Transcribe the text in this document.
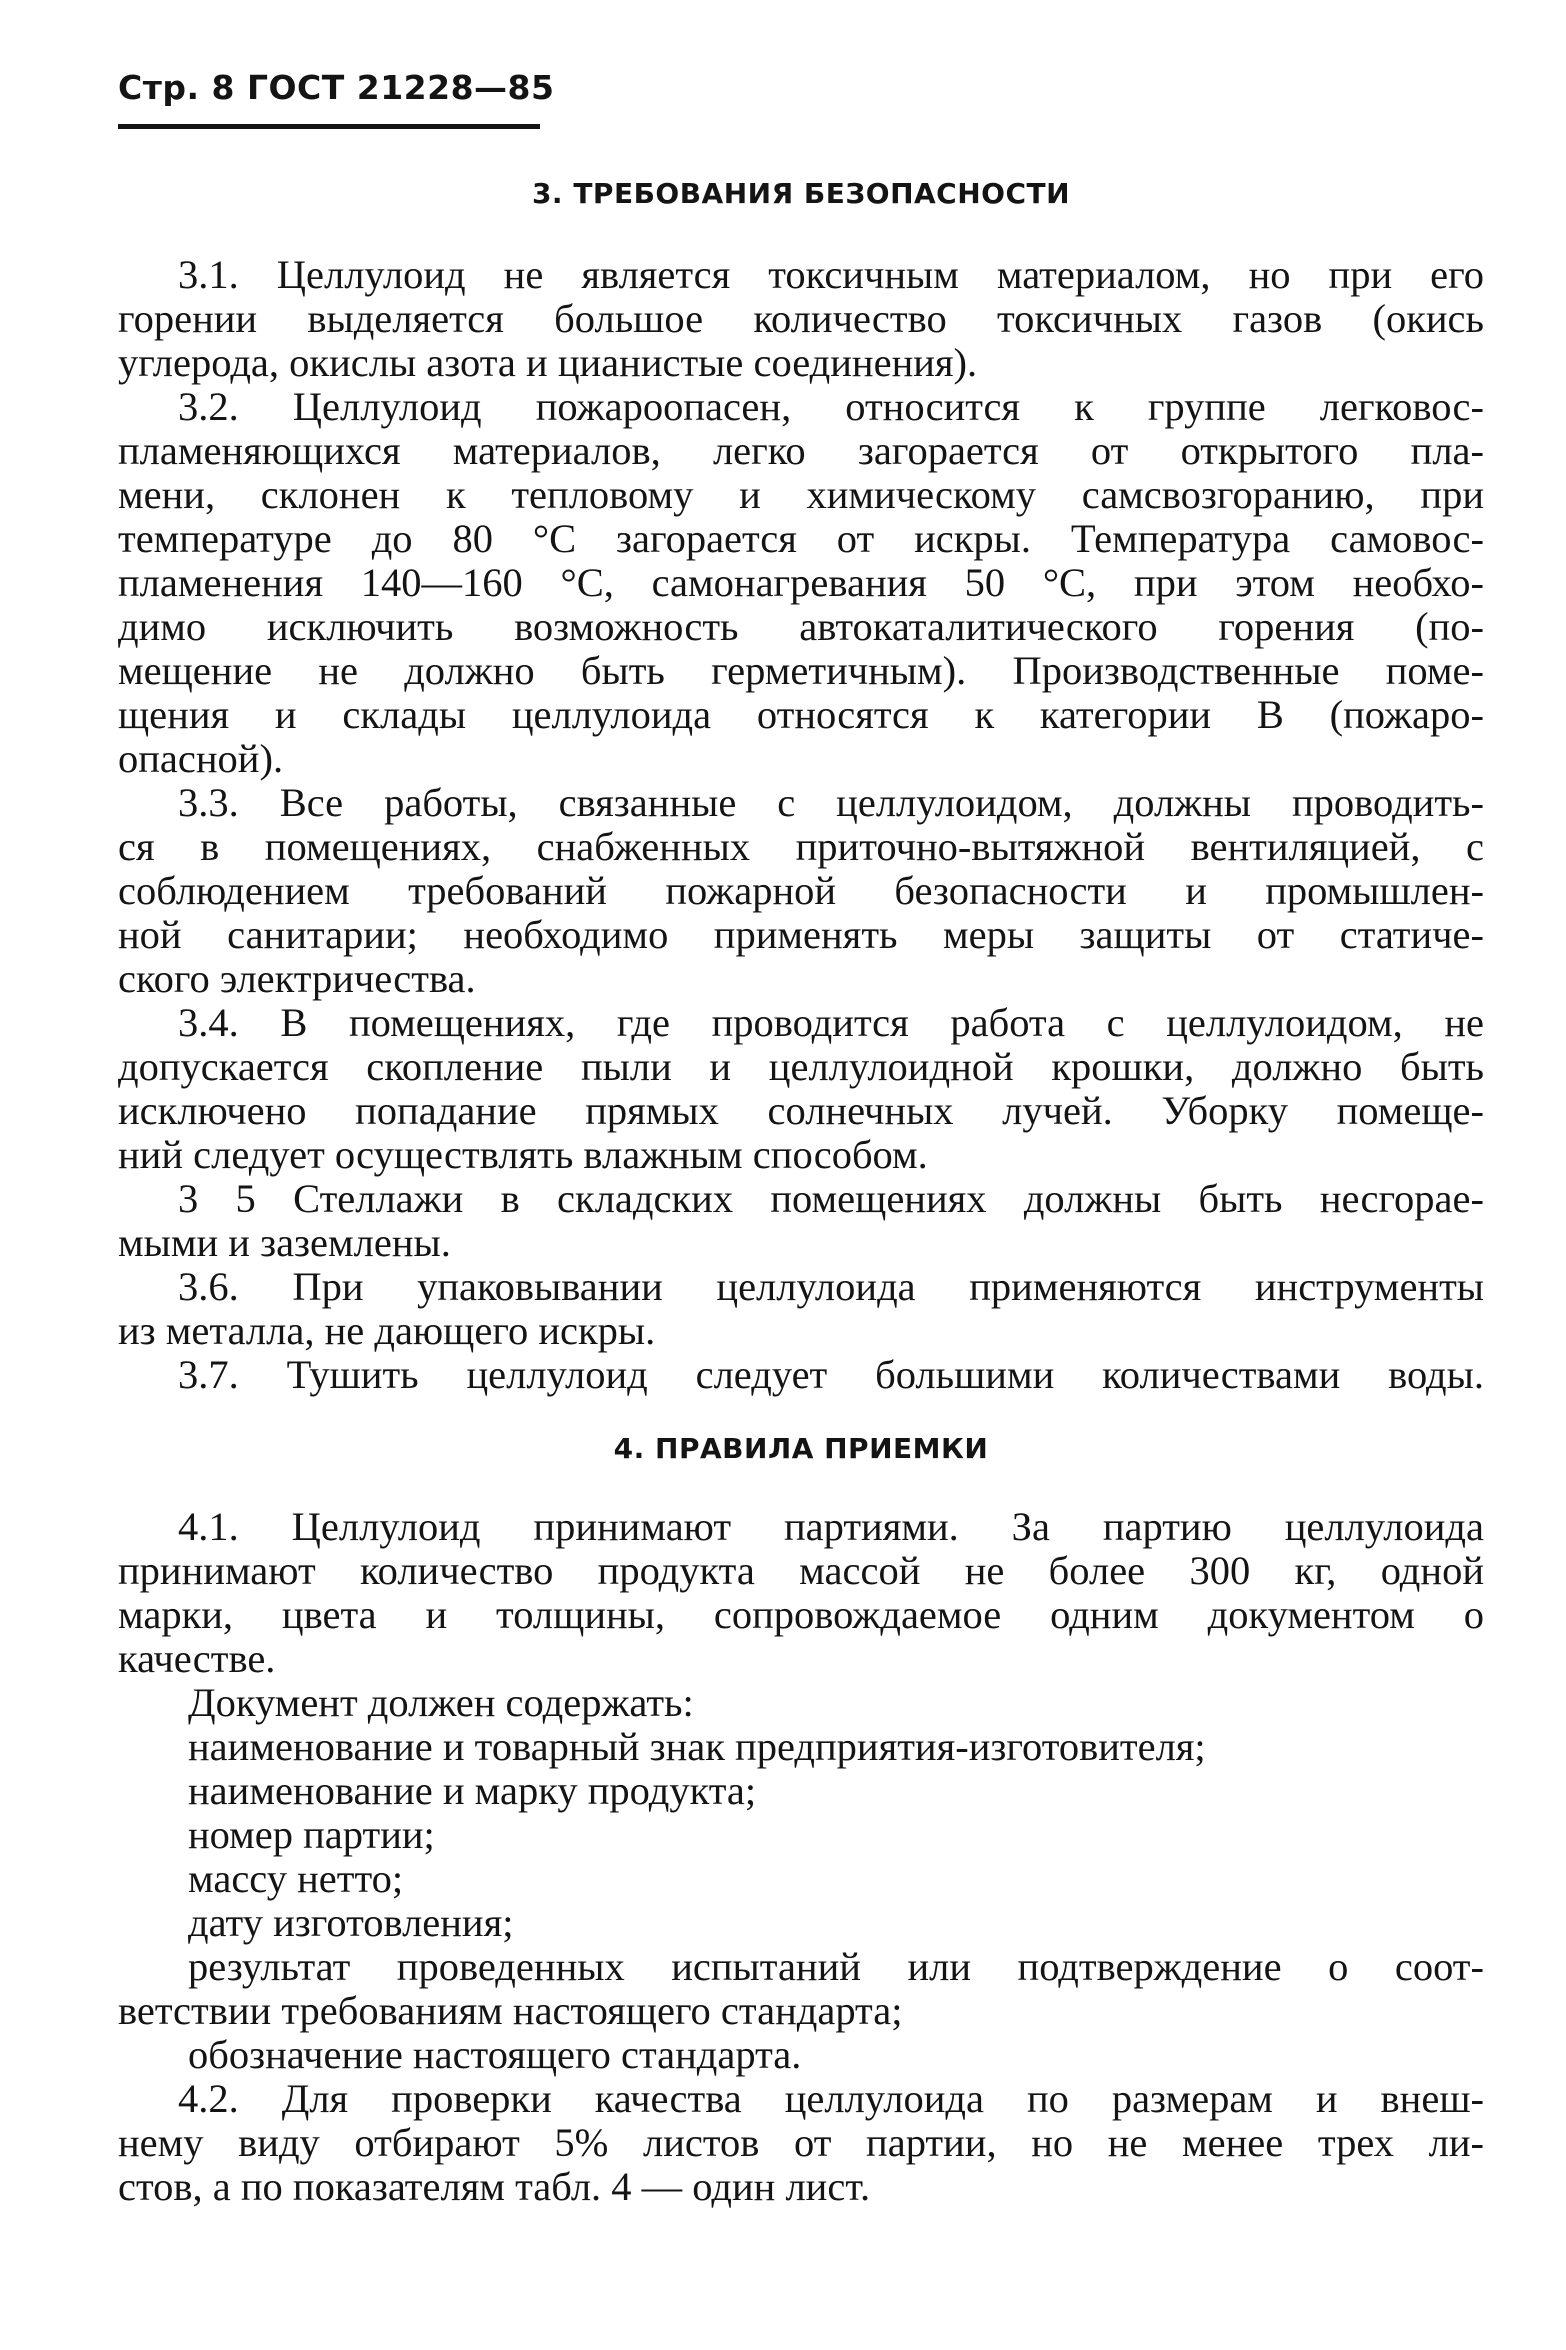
Стр. 8 ГОСТ 21228—85
3. ТРЕБОВАНИЯ БЕЗОПАСНОСТИ
3.1. Целлулоид не является токсичным материалом, но при его
горении выделяется большое количество токсичных газов (окись
углерода, окислы азота и цианистые соединения).
3.2. Целлулоид пожароопасен, относится к группе легковос-
пламеняющихся материалов, легко загорается от открытого пла-
мени, склонен к тепловому и химическому самсвозгоранию, при
температуре до 80 °С загорается от искры. Температура самовос-
пламенения 140—160 °С, самонагревания 50 °С, при этом необхо-
димо исключить возможность автокаталитического горения (по-
мещение не должно быть герметичным). Производственные поме-
щения и склады целлулоида относятся к категории В (пожаро-
опасной).
3.3. Все работы, связанные с целлулоидом, должны проводить-
ся в помещениях, снабженных приточно-вытяжной вентиляцией, с
соблюдением требований пожарной безопасности и промышлен-
ной санитарии; необходимо применять меры защиты от статиче-
ского электричества.
3.4. В помещениях, где проводится работа с целлулоидом, не
допускается скопление пыли и целлулоидной крошки, должно быть
исключено попадание прямых солнечных лучей. Уборку помеще-
ний следует осуществлять влажным способом.
3 5 Стеллажи в складских помещениях должны быть несгораe-
мыми и заземлены.
3.6. При упаковывании целлулоида применяются инструменты
из металла, не дающего искры.
3.7. Тушить целлулоид следует большими количествами воды.
4. ПРАВИЛА ПРИЕМКИ
4.1. Целлулоид принимают партиями. За партию целлулоида
принимают количество продукта массой не более 300 кг, одной
марки, цвета и толщины, сопровождаемое одним документом о
качестве.
Документ должен содержать:
наименование и товарный знак предприятия-изготовителя;
наименование и марку продукта;
номер партии;
массу нетто;
дату изготовления;
результат проведенных испытаний или подтверждение о соот-
ветствии требованиям настоящего стандарта;
обозначение настоящего стандарта.
4.2. Для проверки качества целлулоида по размерам и внеш-
нему виду отбирают 5% листов от партии, но не менее трех ли-
стов, а по показателям табл. 4 — один лист.
